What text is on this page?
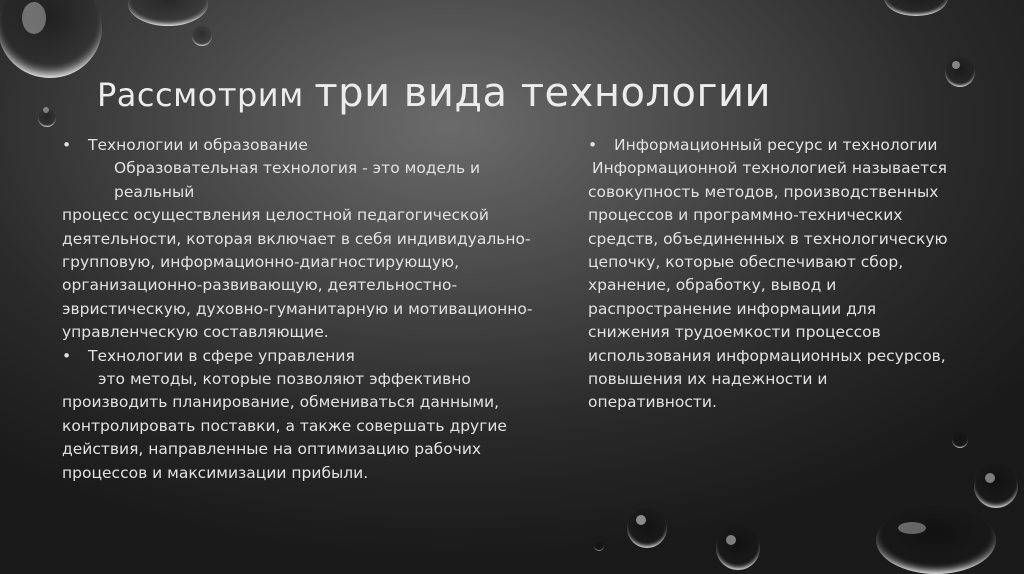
Рассмотрим три вида технологии

• Технологии и образование

Образовательная технология - это модель и реальный

процесс осуществления целостной педагогической

деятельности, которая включает в себя индивидуально-

групповую, информационно-диагностирующую,

организационно-развивающую, деятельностно-

эвристическую, духовно-гуманитарную и мотивационно-

управленческую составляющие.

• Технологии в сфере управления

это методы, которые позволяют эффективно

производить планирование, обмениваться данными,

контролировать поставки, а также совершать другие

действия, направленные на оптимизацию рабочих

процессов и максимизации прибыли.

• Информационный ресурс и технологии

Информационной технологией называется

совокупность методов, производственных

процессов и программно-технических

средств, объединенных в технологическую

цепочку, которые обеспечивают сбор,

хранение, обработку, вывод и

распространение информации для

снижения трудоемкости процессов

использования информационных ресурсов,

повышения их надежности и

оперативности.
